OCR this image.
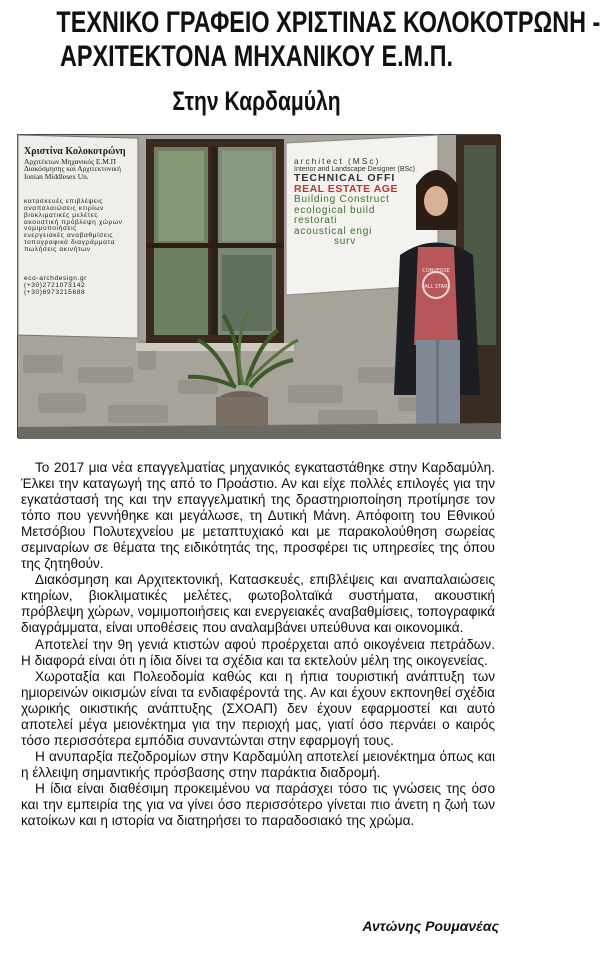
ΤΕΧΝΙΚΟ ΓΡΑΦΕΙΟ ΧΡΙΣΤΙΝΑΣ ΚΟΛΟΚΟΤΡΩΝΗ -
ΑΡΧΙΤΕΚΤΟΝΑ ΜΗΧΑΝΙΚΟΥ Ε.Μ.Π.
Στην Καρδαμύλη
CONVERSE
ALL STAR
Χριστίνα Κολοκοτρώνη
Αρχιτέκτων Μηχανικός Ε.Μ.Π
Διακόσμησης και Αρχιτεκτονική
Ionian Middlesex Un.
κατασκευές επιβλέψεις
αναπαλαιώσεις κτιρίων
βιοκλιματικές μελέτες
ακουστική πρόβλεψη χώρων
νομιμοποιήσεις
ενεργειακές αναβαθμίσεις
τοπογραφικά διαγράμματα
πωλήσεις ακινήτων
eco-archdesign.gr
(+30)2721073142
(+30)6973215688
architect (MSc)
Interior and Landscape Designer (BSc)
TECHNICAL OFFI
REAL ESTATE AGE
Building Construct
ecological build
restorati
acoustical engi
surv

Το 2017 μια νέα επαγγελματίας μηχανικός εγκαταστάθηκε στην Καρδαμύλη. Έλκει την καταγωγή της από το Προάστιο. Αν και είχε πολλές επιλογές για την εγκατάστασή της και την επαγγελματική της δραστηριοποίηση προτίμησε τον τόπο που γεννήθηκε και μεγάλωσε, τη Δυτική Μάνη. Απόφοιτη του Εθνικού Μετσόβιου Πολυτεχνείου με μεταπτυχιακό και με παρακολούθηση σωρείας σεμιναρίων σε θέματα της ειδικότητάς της, προσφέρει τις υπηρεσίες της όπου της ζητηθούν.

Διακόσμηση και Αρχιτεκτονική, Κατασκευές, επιβλέψεις και αναπαλαιώσεις κτηρίων, βιοκλιματικές μελέτες, φωτοβολταϊκά συστήματα, ακουστική πρόβλεψη χώρων, νομιμοποιήσεις και ενεργειακές αναβαθμίσεις, τοπογραφικά διαγράμματα, είναι υποθέσεις που αναλαμβάνει υπεύθυνα και οικονομικά.

Αποτελεί την 9η γενιά κτιστών αφού προέρχεται από οικογένεια πετράδων. Η διαφορά είναι ότι η ίδια δίνει τα σχέδια και τα εκτελούν μέλη της οικογενείας.

Χωροταξία και Πολεοδομία καθώς και η ήπια τουριστική ανάπτυξη των ημιορεινών οικισμών είναι τα ενδιαφέροντά της. Αν και έχουν εκπονηθεί σχέδια χωρικής οικιστικής ανάπτυξης (ΣΧΟΑΠ) δεν έχουν εφαρμοστεί και αυτό αποτελεί μέγα μειονέκτημα για την περιοχή μας, γιατί όσο περνάει ο καιρός τόσο περισσότερα εμπόδια συναντώνται στην εφαρμογή τους.

Η ανυπαρξία πεζοδρομίων στην Καρδαμύλη αποτελεί μειονέκτημα όπως και η έλλειψη σημαντικής πρόσβασης στην παράκτια διαδρομή.

Η ίδια είναι διαθέσιμη προκειμένου να παράσχει τόσο τις γνώσεις της όσο και την εμπειρία της για να γίνει όσο περισσότερο γίνεται πιο άνετη η ζωή των κατοίκων και η ιστορία να διατηρήσει το παραδοσιακό της χρώμα.

Αντώνης Ρουμανέας
